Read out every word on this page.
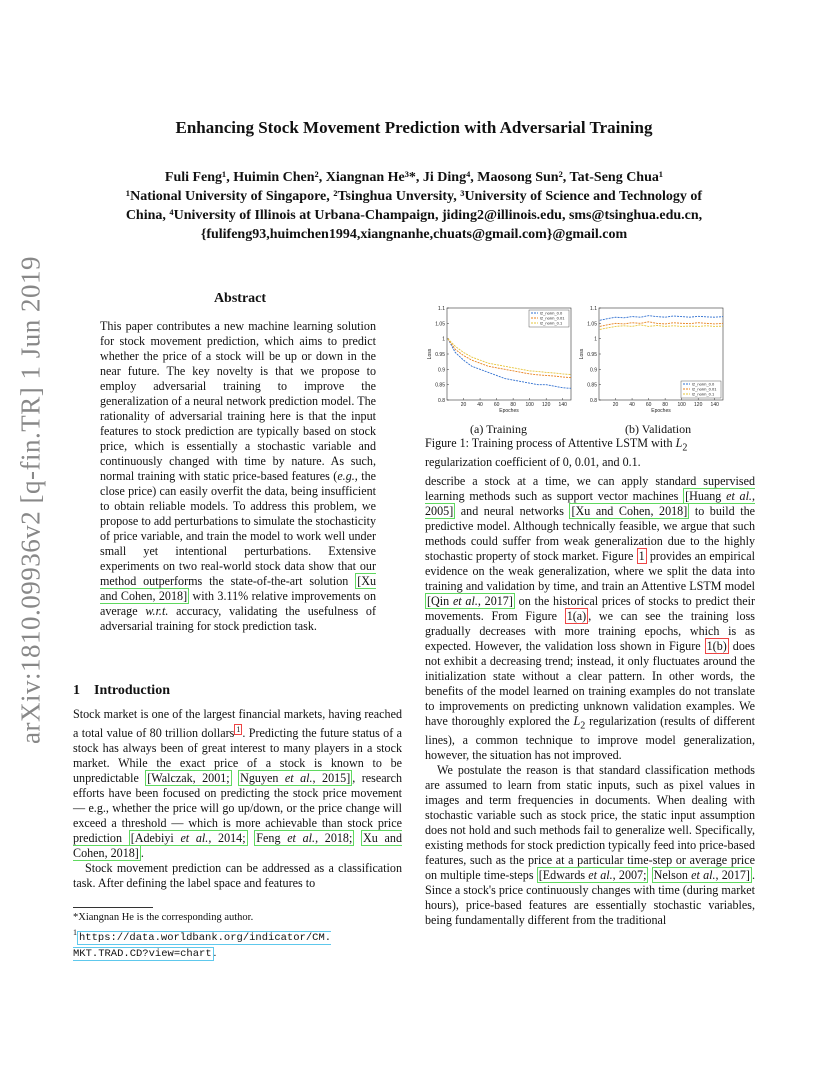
arXiv:1810.09936v2 [q-fin.TR] 1 Jun 2019
Enhancing Stock Movement Prediction with Adversarial Training
Fuli Feng¹, Huimin Chen², Xiangnan He³*, Ji Ding⁴, Maosong Sun², Tat-Seng Chua¹
¹National University of Singapore, ²Tsinghua Unversity, ³University of Science and Technology of
China, ⁴University of Illinois at Urbana-Champaign, jiding2@illinois.edu, sms@tsinghua.edu.cn,
{fulifeng93,huimchen1994,xiangnanhe,chuats@gmail.com}@gmail.com
Abstract
This paper contributes a new machine learning solution for stock movement prediction, which aims to predict whether the price of a stock will be up or down in the near future. The key novelty is that we propose to employ adversarial training to improve the generalization of a neural network prediction model. The rationality of adversarial training here is that the input features to stock prediction are typically based on stock price, which is essentially a stochastic variable and continuously changed with time by nature. As such, normal training with static price-based features (e.g., the close price) can easily overfit the data, being insufficient to obtain reliable models. To address this problem, we propose to add perturbations to simulate the stochasticity of price variable, and train the model to work well under small yet intentional perturbations. Extensive experiments on two real-world stock data show that our method outperforms the state-of-the-art solution [Xu and Cohen, 2018] with 3.11% relative improvements on average w.r.t. accuracy, validating the usefulness of adversarial training for stock prediction task.
1 Introduction

Stock market is one of the largest financial markets, having reached a total value of 80 trillion dollars $^1$ . Predicting the future status of a stock has always been of great interest to many players in a stock market. While the exact price of a stock is known to be unpredictable [Walczak, 2001; Nguyen et al., 2015] , research efforts have been focused on predicting the stock price movement — e.g., whether the price will go up/down, or the price change will exceed a threshold — which is more achievable than stock price prediction [Adebiyi et al., 2014; Feng et al., 2018; Xu and Cohen, 2018] .

Stock movement prediction can be addressed as a classification task. After defining the label space and features to

*Xiangnan He is the corresponding author.
$^1$ https://data.worldbank.org/indicator/CM.
MKT.TRAD.CD?view=chart .
0.8
0.85
0.9
0.95
1
1.05
1.1
20 40 60 80 100 120 140
Epoches
Loss
l2_norm_0.0
l2_norm_0.01
l2_norm_0.1
0.8
0.85
0.9
0.95
1
1.05
1.1
20 40 60 80 100 120 140
Epoches
Loss
l2_norm_0.0
l2_norm_0.01
l2_norm_0.1
(a) Training	(b) Validation
Figure 1: Training process of Attentive LSTM with $L_2$ regularization coefficient of 0, 0.01, and 0.1.

describe a stock at a time, we can apply standard supervised learning methods such as support vector machines [Huang et al., 2005] and neural networks [Xu and Cohen, 2018] to build the predictive model. Although technically feasible, we argue that such methods could suffer from weak generalization due to the highly stochastic property of stock market. Figure 1 provides an empirical evidence on the weak generalization, where we split the data into training and validation by time, and train an Attentive LSTM model [Qin et al., 2017] on the historical prices of stocks to predict their movements. From Figure 1(a) , we can see the training loss gradually decreases with more training epochs, which is as expected. However, the validation loss shown in Figure 1(b) does not exhibit a decreasing trend; instead, it only fluctuates around the initialization state without a clear pattern. In other words, the benefits of the model learned on training examples do not translate to improvements on predicting unknown validation examples. We have thoroughly explored the $L_2$ regularization (results of different lines), a common technique to improve model generalization, however, the situation has not improved.

We postulate the reason is that standard classification methods are assumed to learn from static inputs, such as pixel values in images and term frequencies in documents. When dealing with stochastic variable such as stock price, the static input assumption does not hold and such methods fail to generalize well. Specifically, existing methods for stock prediction typically feed into price-based features, such as the price at a particular time-step or average price on multiple time-steps [Edwards et al., 2007; Nelson et al., 2017] . Since a stock's price continuously changes with time (during market hours), price-based features are essentially stochastic variables, being fundamentally different from the traditional
